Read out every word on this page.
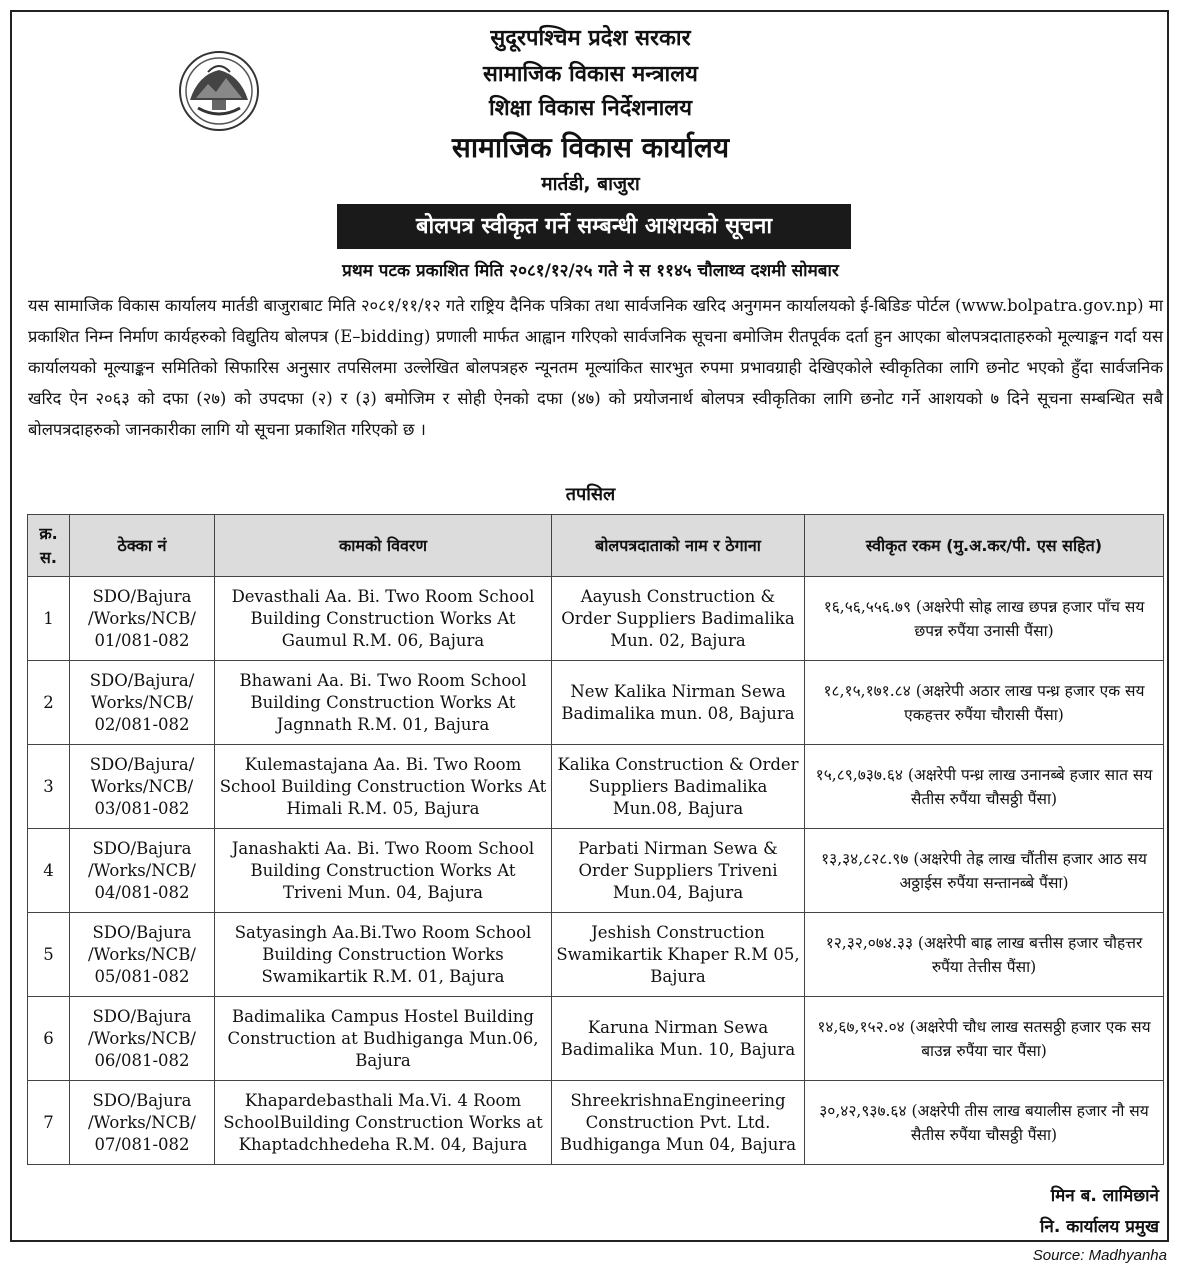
सुदूरपश्चिम प्रदेश सरकार
सामाजिक विकास मन्त्रालय
शिक्षा विकास निर्देशनालय
सामाजिक विकास कार्यालय
मार्तडी, बाजुरा
बोलपत्र स्वीकृत गर्ने सम्बन्धी आशयको सूचना
प्रथम पटक प्रकाशित मिति २०८१/१२/२५ गते ने स ११४५ चौलाथ्व दशमी सोमबार
यस सामाजिक विकास कार्यालय मार्तडी बाजुराबाट मिति २०८१/११/१२ गते राष्ट्रिय दैनिक पत्रिका तथा सार्वजनिक खरिद अनुगमन कार्यालयको ई-बिडिङ पोर्टल (www.bolpatra.gov.np) मा प्रकाशित निम्न निर्माण कार्यहरुको विद्युतिय बोलपत्र (E–bidding) प्रणाली मार्फत आह्वान गरिएको सार्वजनिक सूचना बमोजिम रीतपूर्वक दर्ता हुन आएका बोलपत्रदाताहरुको मूल्याङ्कन गर्दा यस कार्यालयको मूल्याङ्कन समितिको सिफारिस अनुसार तपसिलमा उल्लेखित बोलपत्रहरु न्यूनतम मूल्यांकित सारभुत रुपमा प्रभावग्राही देखिएकोले स्वीकृतिका लागि छनोट भएको हुँदा सार्वजनिक खरिद ऐन २०६३ को दफा (२७) को उपदफा (२) र (३) बमोजिम र सोही ऐनको दफा (४७) को प्रयोजनार्थ बोलपत्र स्वीकृतिका लागि छनोट गर्ने आशयको ७ दिने सूचना सम्बन्धित सबै बोलपत्रदाहरुको जानकारीका लागि यो सूचना प्रकाशित गरिएको छ ।
तपसिल
क्र. स.	ठेक्का नं	कामको विवरण	बोलपत्रदाताको नाम र ठेगाना	स्वीकृत रकम (मु.अ.कर/पी. एस सहित)
1	SDO/Bajura /Works/NCB/ 01/081-082	Devasthali Aa. Bi. Two Room School Building Construction Works At Gaumul R.M. 06, Bajura	Aayush Construction & Order Suppliers Badimalika Mun. 02, Bajura	१६,५६,५५६.७९ (अक्षरेपी सोह्र लाख छपन्न हजार पाँच सय छपन्न रुपैंया उनासी पैंसा)
2	SDO/Bajura/ Works/NCB/ 02/081-082	Bhawani Aa. Bi. Two Room School Building Construction Works At Jagnnath R.M. 01, Bajura	New Kalika Nirman Sewa Badimalika mun. 08, Bajura	१८,१५,१७१.८४ (अक्षरेपी अठार लाख पन्ध्र हजार एक सय एकहत्तर रुपैंया चौरासी पैंसा)
3	SDO/Bajura/ Works/NCB/ 03/081-082	Kulemastajana Aa. Bi. Two Room School Building Construction Works At Himali R.M. 05, Bajura	Kalika Construction & Order Suppliers Badimalika Mun.08, Bajura	१५,८९,७३७.६४ (अक्षरेपी पन्ध्र लाख उनानब्बे हजार सात सय सैतीस रुपैंया चौसठ्ठी पैंसा)
4	SDO/Bajura /Works/NCB/ 04/081-082	Janashakti Aa. Bi. Two Room School Building Construction Works At Triveni Mun. 04, Bajura	Parbati Nirman Sewa & Order Suppliers Triveni Mun.04, Bajura	१३,३४,८२८.९७ (अक्षरेपी तेह्र लाख चौंतीस हजार आठ सय अठ्ठाईस रुपैंया सन्तानब्बे पैंसा)
5	SDO/Bajura /Works/NCB/ 05/081-082	Satyasingh Aa.Bi.Two Room School Building Construction Works Swamikartik R.M. 01, Bajura	Jeshish Construction Swamikartik Khaper R.M 05, Bajura	१२,३२,०७४.३३ (अक्षरेपी बाह्र लाख बत्तीस हजार चौहत्तर रुपैंया तेत्तीस पैंसा)
6	SDO/Bajura /Works/NCB/ 06/081-082	Badimalika Campus Hostel Building Construction at Budhiganga Mun.06, Bajura	Karuna Nirman Sewa Badimalika Mun. 10, Bajura	१४,६७,१५२.०४ (अक्षरेपी चौध लाख सतसठ्ठी हजार एक सय बाउन्न रुपैंया चार पैंसा)
7	SDO/Bajura /Works/NCB/ 07/081-082	Khapardebasthali Ma.Vi. 4 Room SchoolBuilding Construction Works at Khaptadchhedeha R.M. 04, Bajura	ShreekrishnaEngineering Construction Pvt. Ltd. Budhiganga Mun 04, Bajura	३०,४२,९३७.६४ (अक्षरेपी तीस लाख बयालीस हजार नौ सय सैतीस रुपैंया चौसठ्ठी पैंसा)
मिन ब. लामिछाने
नि. कार्यालय प्रमुख
Source: Madhyanha
